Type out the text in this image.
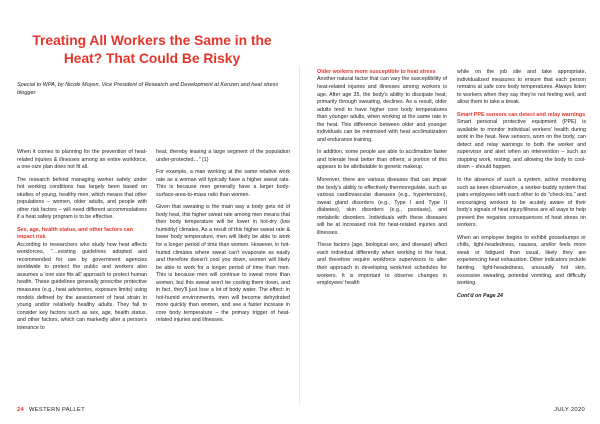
Treating All Workers the Same in the Heat? That Could Be Risky

Special to WPA, by Nicole Moyen, Vice President of Research and Development at Kenzen and heat stress blogger.

When it comes to planning for the prevention of heat-related injuries & illnesses among an entire workforce, a one-size plan does not fit all.

The research behind managing worker safety under hot working conditions has largely been based on studies of young, healthy men, which means that other populations – women, older adults, and people with other risk factors – will need different accommodations if a heat safety program is to be effective.

Sex, age, health status, and other factors can impact risk

According to researchers who study how heat affects workforces, "…existing guidelines adopted and recommended for use by government agencies worldwide to protect the public and workers also assumes a 'one size fits all' approach to protect human health. These guidelines generally prescribe protective measures (e.g., heat advisories, exposure limits) using models defined by the assessment of heat strain in young and/or relatively healthy adults. They fail to consider key factors such as sex, age, health status, and other factors, which can markedly alter a person's tolerance to

heat, thereby leaving a large segment of the population under-protected…" (1)

For example, a man working at the same relative work rate as a woman will typically have a higher sweat rate. This is because men generally have a larger body-surface-area-to-mass ratio than women.

Given that sweating is the main way a body gets rid of body heat, this higher sweat rate among men means that their body temperature will be lower in hot-dry (low humidity) climates. As a result of this higher sweat rate & lower body temperature, men will likely be able to work for a longer period of time than women. However, in hot-humid climates where sweat can't evaporate as easily and therefore doesn't cool you down, women will likely be able to work for a longer period of time than men. This is because men will continue to sweat more than women, but this sweat won't be cooling them down, and in fact, they'll just lose a lot of body water. The effect: in hot-humid environments, men will become dehydrated more quickly than women, and see a faster increase in core body temperature – the primary trigger of heat-related injuries and illnesses.

Older workers more susceptible to heat stress

Another natural factor that can vary the susceptibility of heat-related injuries and illnesses among workers is age. After age 35, the body's ability to dissipate heat, primarily through sweating, declines. As a result, older adults tend to have higher core body temperatures than younger adults, when working at the same rate in the heat. This difference between older and younger individuals can be minimized with heat acclimatization and endurance training.

In addition, some people are able to acclimatize faster and tolerate heat better than others; a portion of this appears to be attributable to genetic makeup.

Moreover, there are various diseases that can impair the body's ability to effectively thermoregulate, such as various cardiovascular diseases (e.g., hypertension), sweat gland disorders (e.g., Type I and Type II diabetes), skin disorders (e.g., psoriasis), and metabolic disorders. Individuals with these diseases will be at increased risk for heat-related injuries and illnesses.

These factors (age, biological sex, and disease) affect each individual differently when working in the heat, and therefore require workforce supervisors to alter their approach in developing work/rest schedules for workers. It is important to observe changes in employees' health

while on the job site and take appropriate, individualized measures to ensure that each person remains at safe core body temperatures. Always listen to workers when they say they're not feeling well, and allow them to take a break.

Smart PPE sensors can detect and relay warnings

Smart personal protective equipment (PPE) is available to monitor individual workers' health during work in the heat. New sensors, worn on the body, can detect and relay warnings to both the worker and supervisor and alert when an intervention – such as stopping work, resting, and allowing the body to cool-down – should happen.

In the absence of such a system, active monitoring such as keen observation, a worker-buddy system that pairs employees with each other to do "check-ins," and encouraging workers to be acutely aware of their body's signals of heat injury/illness are all ways to help prevent the negative consequences of heat stress on workers.

When an employee begins to exhibit goosebumps or chills, light-headedness, nausea, and/or feels more weak or fatigued than usual, likely they are experiencing heat exhaustion. Other indicators include fainting, light-headedness, unusually hot skin, excessive sweating, potential vomiting, and difficulty working.

Cont'd on Page 24

24 WESTERN PALLET	JULY 2020
